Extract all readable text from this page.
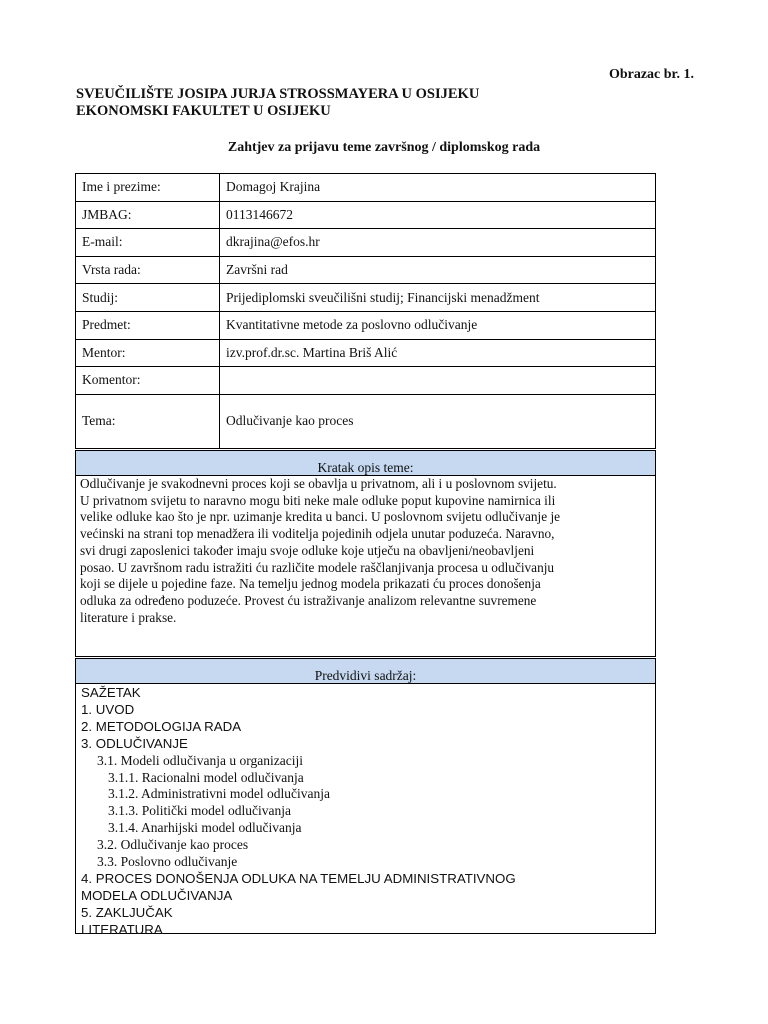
Obrazac br. 1.
SVEUČILIŠTE JOSIPA JURJA STROSSMAYERA U OSIJEKU
EKONOMSKI FAKULTET U OSIJEKU
Zahtjev za prijavu teme završnog / diplomskog rada
Ime i prezime:	Domagoj Krajina
JMBAG:	0113146672
E-mail:	dkrajina@efos.hr
Vrsta rada:	Završni rad
Studij:	Prijediplomski sveučilišni studij; Financijski menadžment
Predmet:	Kvantitativne metode za poslovno odlučivanje
Mentor:	izv.prof.dr.sc. Martina Briš Alić
Komentor:	
Tema:	Odlučivanje kao proces
Kratak opis teme:
Odlučivanje je svakodnevni proces koji se obavlja u privatnom, ali i u poslovnom svijetu.
U privatnom svijetu to naravno mogu biti neke male odluke poput kupovine namirnica ili
velike odluke kao što je npr. uzimanje kredita u banci. U poslovnom svijetu odlučivanje je
većinski na strani top menadžera ili voditelja pojedinih odjela unutar poduzeća. Naravno,
svi drugi zaposlenici također imaju svoje odluke koje utječu na obavljeni/neobavljeni
posao. U završnom radu istražiti ću različite modele raščlanjivanja procesa u odlučivanju
koji se dijele u pojedine faze. Na temelju jednog modela prikazati ću proces donošenja
odluka za određeno poduzeće. Provest ću istraživanje analizom relevantne suvremene
literature i prakse.
Predvidivi sadržaj:
SAŽETAK
1. UVOD
2. METODOLOGIJA RADA
3. ODLUČIVANJE
3.1. Modeli odlučivanja u organizaciji
3.1.1. Racionalni model odlučivanja
3.1.2. Administrativni model odlučivanja
3.1.3. Politički model odlučivanja
3.1.4. Anarhijski model odlučivanja
3.2. Odlučivanje kao proces
3.3. Poslovno odlučivanje
4. PROCES DONOŠENJA ODLUKA NA TEMELJU ADMINISTRATIVNOG
MODELA ODLUČIVANJA
5. ZAKLJUČAK
LITERATURA
